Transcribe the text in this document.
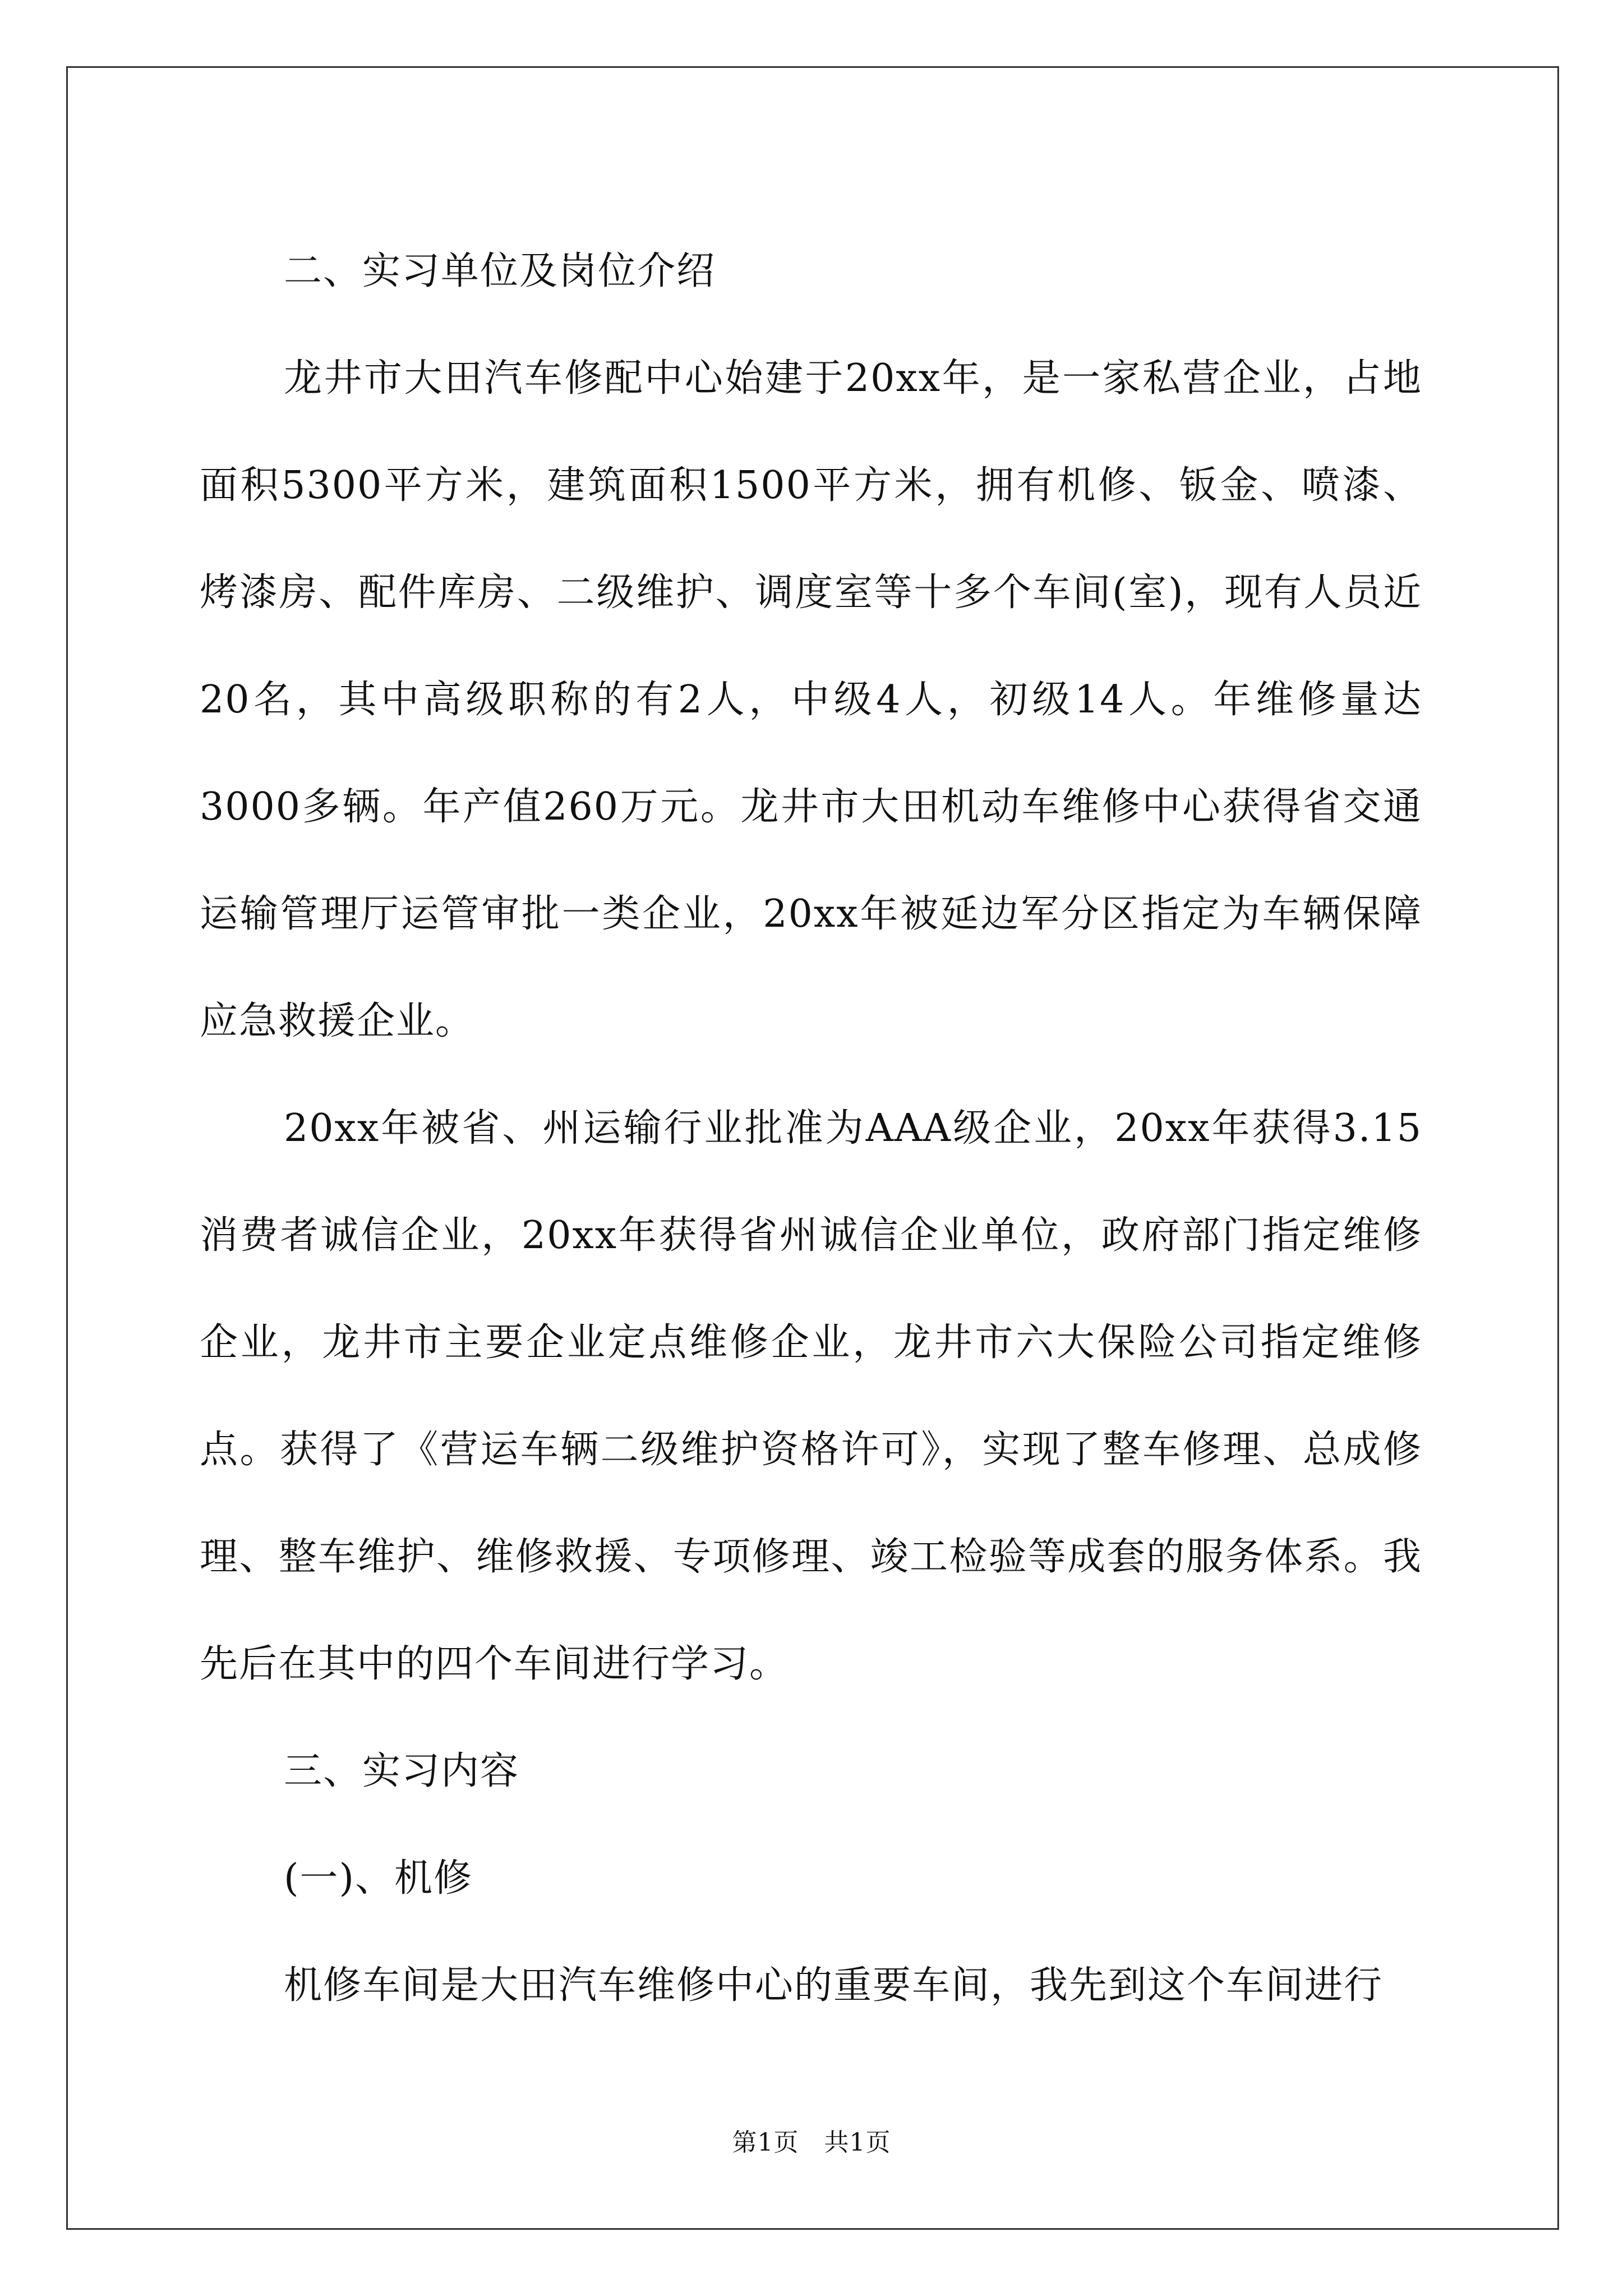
二、实习单位及岗位介绍

龙井市大田汽车修配中心始建于20xx年，是一家私营企业，占地面积5300平方米，建筑面积1500平方米，拥有机修、钣金、喷漆、烤漆房、配件库房、二级维护、调度室等十多个车间(室)，现有人员近20名，其中高级职称的有2人，中级4人，初级14人。年维修量达3000多辆。年产值260万元。龙井市大田机动车维修中心获得省交通运输管理厅运管审批一类企业，20xx年被延边军分区指定为车辆保障应急救援企业。

20xx年被省、州运输行业批准为AAA级企业，20xx年获得3.15消费者诚信企业，20xx年获得省州诚信企业单位，政府部门指定维修企业，龙井市主要企业定点维修企业，龙井市六大保险公司指定维修点。获得了《营运车辆二级维护资格许可》，实现了整车修理、总成修理、整车维护、维修救援、专项修理、竣工检验等成套的服务体系。我先后在其中的四个车间进行学习。

三、实习内容

(一)、机修

机修车间是大田汽车维修中心的重要车间，我先到这个车间进行

第1页　共1页
